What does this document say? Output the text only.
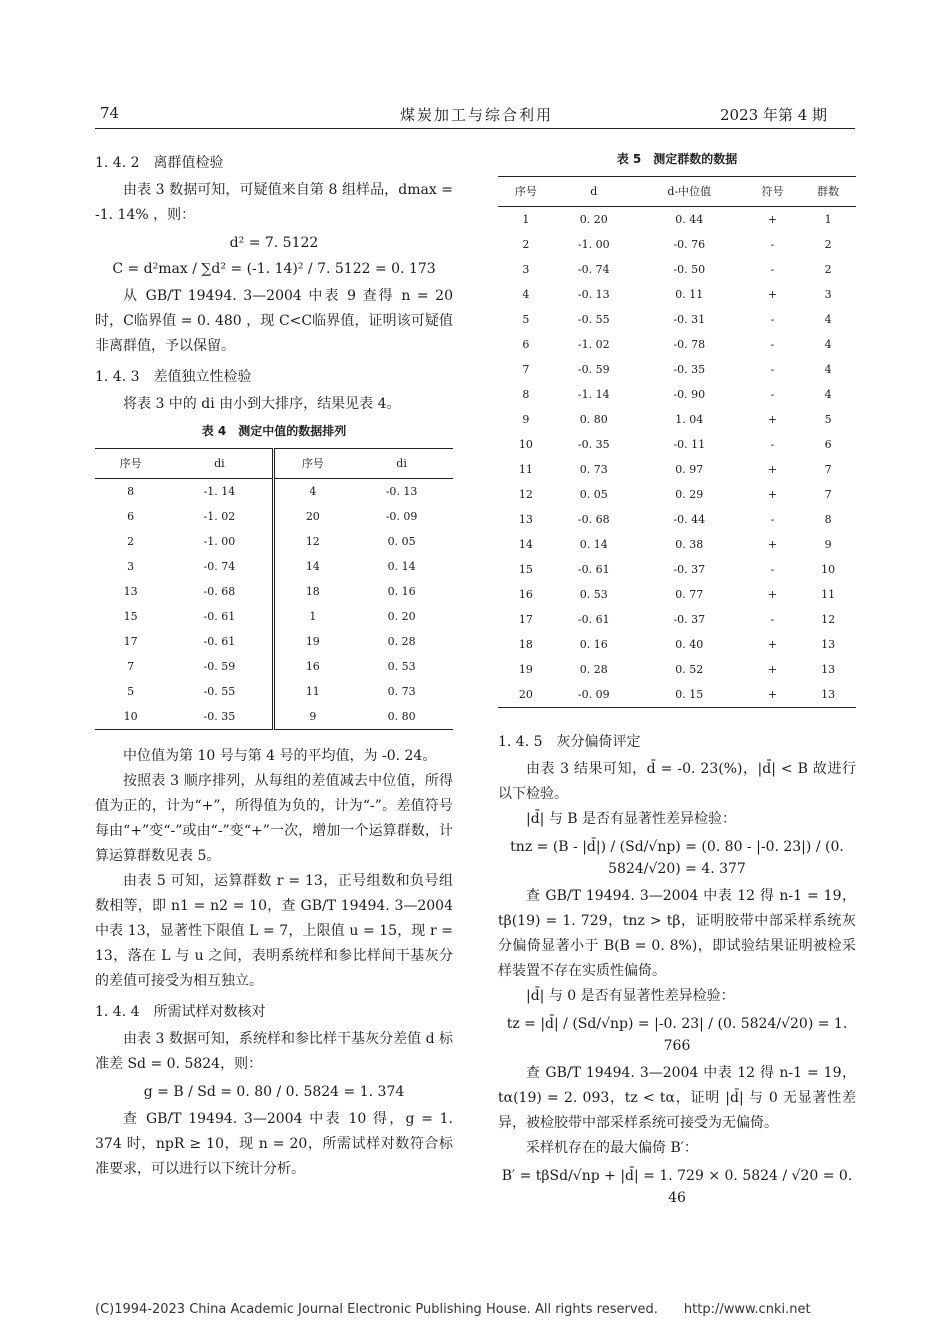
74	煤炭加工与综合利用	2023 年第 4 期

1. 4. 2　离群值检验

由表 3 数据可知，可疑值来自第 8 组样品，dmax = -1. 14% ，则：

d² = 7. 5122
C = d²max / ∑d² = (-1. 14)² / 7. 5122 = 0. 173

从 GB/T 19494. 3—2004 中表 9 查得 n = 20 时，C临界值 = 0. 480 ，现 C<C临界值，证明该可疑值非离群值，予以保留。

1. 4. 3　差值独立性检验

将表 3 中的 di 由小到大排序，结果见表 4。

表 4　测定中值的数据排列
序号	di	序号	di
8	-1. 14	4	-0. 13
6	-1. 02	20	-0. 09
2	-1. 00	12	0. 05
3	-0. 74	14	0. 14
13	-0. 68	18	0. 16
15	-0. 61	1	0. 20
17	-0. 61	19	0. 28
7	-0. 59	16	0. 53
5	-0. 55	11	0. 73
10	-0. 35	9	0. 80

中位值为第 10 号与第 4 号的平均值，为 -0. 24。

按照表 3 顺序排列，从每组的差值减去中位值，所得值为正的，计为“+”，所得值为负的，计为“-”。差值符号每由“+”变“-”或由“-”变“+”一次，增加一个运算群数，计算运算群数见表 5。

由表 5 可知，运算群数 r = 13，正号组数和负号组数相等，即 n1 = n2 = 10，查 GB/T 19494. 3—2004 中表 13，显著性下限值 L = 7，上限值 u = 15，现 r = 13，落在 L 与 u 之间，表明系统样和参比样间干基灰分的差值可接受为相互独立。

1. 4. 4　所需试样对数核对

由表 3 数据可知，系统样和参比样干基灰分差值 d 标准差 Sd = 0. 5824，则：

g = B / Sd = 0. 80 / 0. 5824 = 1. 374

查 GB/T 19494. 3—2004 中表 10 得，g = 1. 374 时，npR ≥ 10，现 n = 20，所需试样对数符合标准要求，可以进行以下统计分析。

表 5　测定群数的数据
序号	d	d-中位值	符号	群数
1	0. 20	0. 44	+	1
2	-1. 00	-0. 76	-	2
3	-0. 74	-0. 50	-	2
4	-0. 13	0. 11	+	3
5	-0. 55	-0. 31	-	4
6	-1. 02	-0. 78	-	4
7	-0. 59	-0. 35	-	4
8	-1. 14	-0. 90	-	4
9	0. 80	1. 04	+	5
10	-0. 35	-0. 11	-	6
11	0. 73	0. 97	+	7
12	0. 05	0. 29	+	7
13	-0. 68	-0. 44	-	8
14	0. 14	0. 38	+	9
15	-0. 61	-0. 37	-	10
16	0. 53	0. 77	+	11
17	-0. 61	-0. 37	-	12
18	0. 16	0. 40	+	13
19	0. 28	0. 52	+	13
20	-0. 09	0. 15	+	13

1. 4. 5　灰分偏倚评定

由表 3 结果可知，d̄ = -0. 23(%)，|d̄| < B 故进行以下检验。

|d̄| 与 B 是否有显著性差异检验：

tnz = (B - |d̄|) / (Sd/√np) = (0. 80 - |-0. 23|) / (0. 5824/√20) = 4. 377

查 GB/T 19494. 3—2004 中表 12 得 n-1 = 19，tβ(19) = 1. 729，tnz > tβ，证明胶带中部采样系统灰分偏倚显著小于 B(B = 0. 8%)，即试验结果证明被检采样装置不存在实质性偏倚。

|d̄| 与 0 是否有显著性差异检验：

tz = |d̄| / (Sd/√np) = |-0. 23| / (0. 5824/√20) = 1. 766

查 GB/T 19494. 3—2004 中表 12 得 n-1 = 19，tα(19) = 2. 093，tz < tα，证明 |d̄| 与 0 无显著性差异，被检胶带中部采样系统可接受为无偏倚。

采样机存在的最大偏倚 B′：

B′ = tβSd/√np + |d̄| = 1. 729 × 0. 5824 / √20 = 0. 46
(C)1994-2023 China Academic Journal Electronic Publishing House. All rights reserved.　　http://www.cnki.net
